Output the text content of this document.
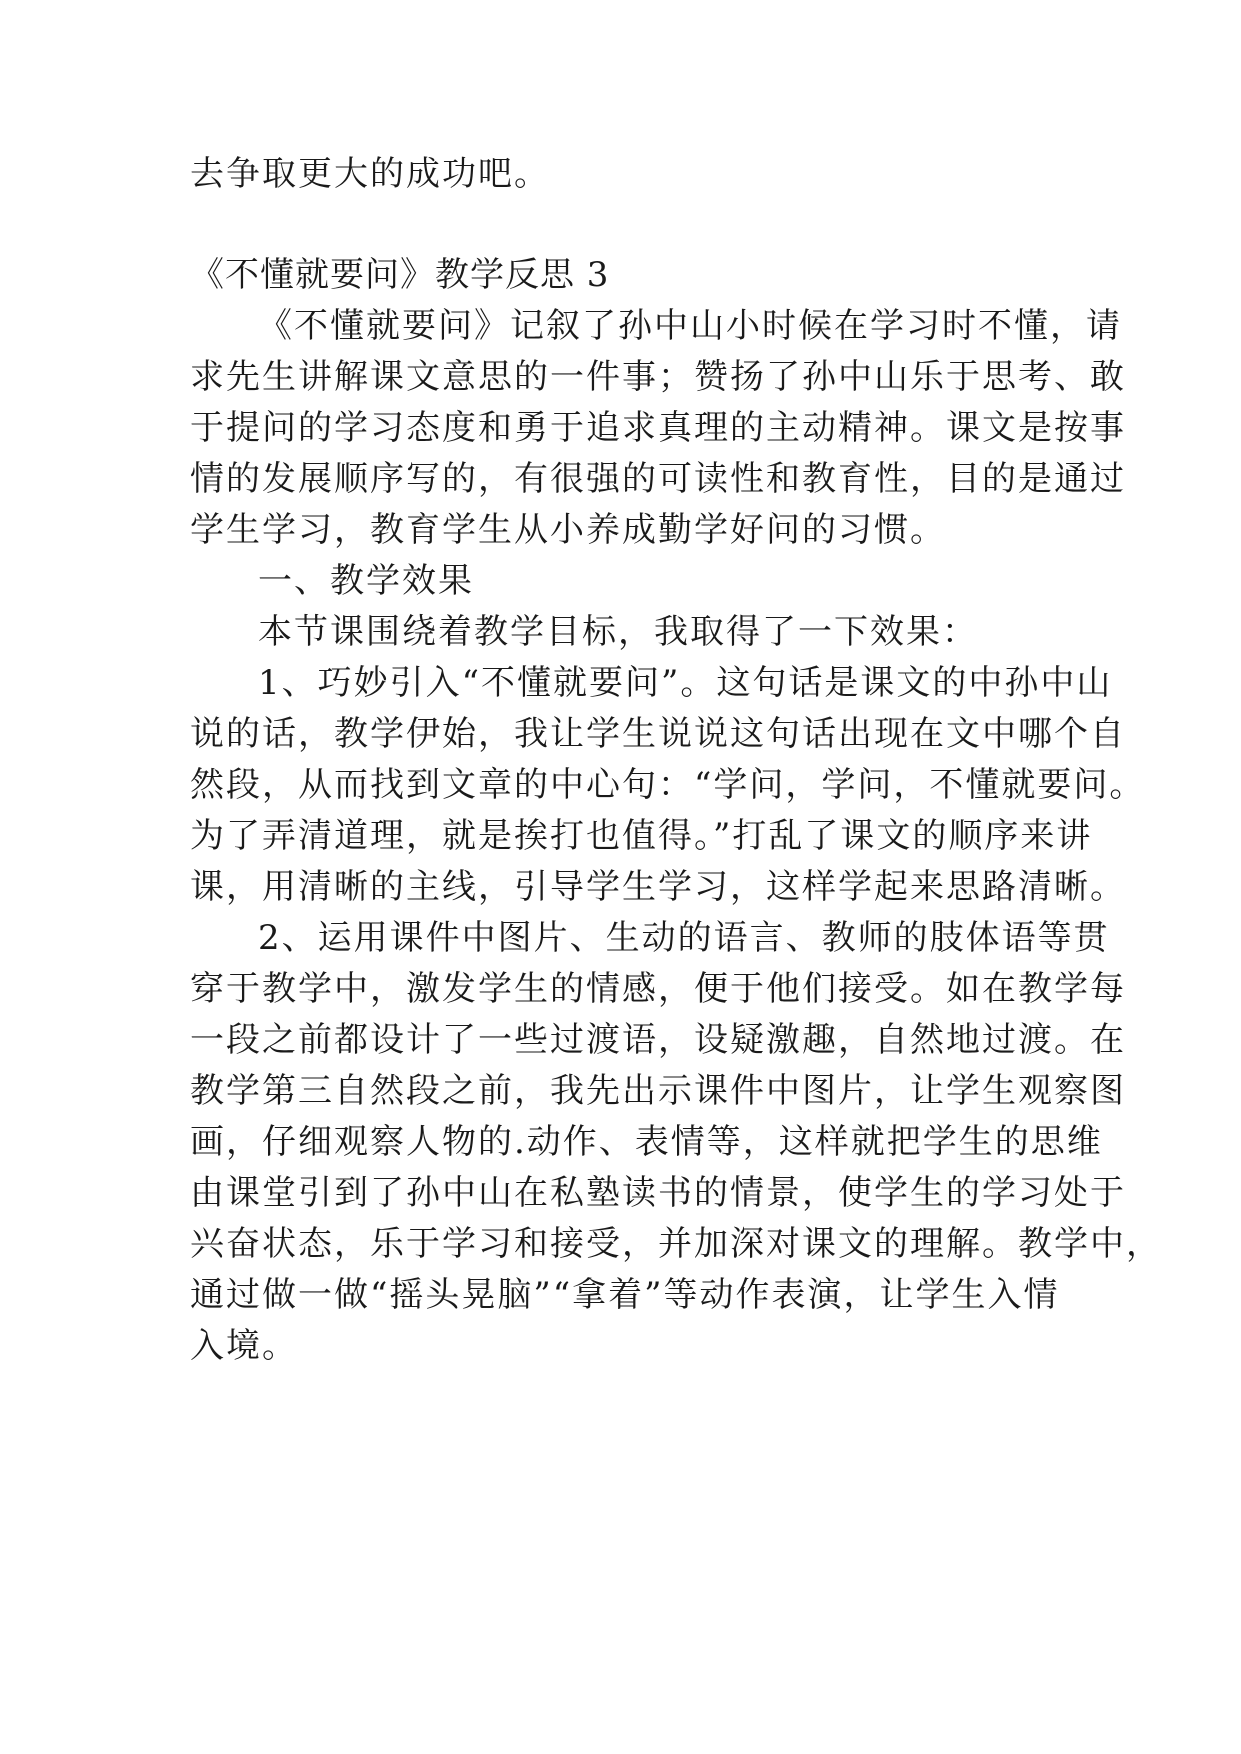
去争取更大的成功吧。
《不懂就要问》教学反思 3
《不懂就要问》记叙了孙中山小时候在学习时不懂，请
求先生讲解课文意思的一件事；赞扬了孙中山乐于思考、敢
于提问的学习态度和勇于追求真理的主动精神。课文是按事
情的发展顺序写的，有很强的可读性和教育性，目的是通过
学生学习，教育学生从小养成勤学好问的习惯。
一、教学效果
本节课围绕着教学目标，我取得了一下效果：
1、巧妙引入“不懂就要问”。这句话是课文的中孙中山
说的话，教学伊始，我让学生说说这句话出现在文中哪个自
然段，从而找到文章的中心句：“学问，学问，不懂就要问。
为了弄清道理，就是挨打也值得。”打乱了课文的顺序来讲
课，用清晰的主线，引导学生学习，这样学起来思路清晰。
2、运用课件中图片、生动的语言、教师的肢体语等贯
穿于教学中，激发学生的情感，便于他们接受。如在教学每
一段之前都设计了一些过渡语，设疑激趣，自然地过渡。在
教学第三自然段之前，我先出示课件中图片，让学生观察图
画，仔细观察人物的.动作、表情等，这样就把学生的思维
由课堂引到了孙中山在私塾读书的情景，使学生的学习处于
兴奋状态，乐于学习和接受，并加深对课文的理解。教学中，
通过做一做“摇头晃脑”“拿着”等动作表演，让学生入情
入境。
